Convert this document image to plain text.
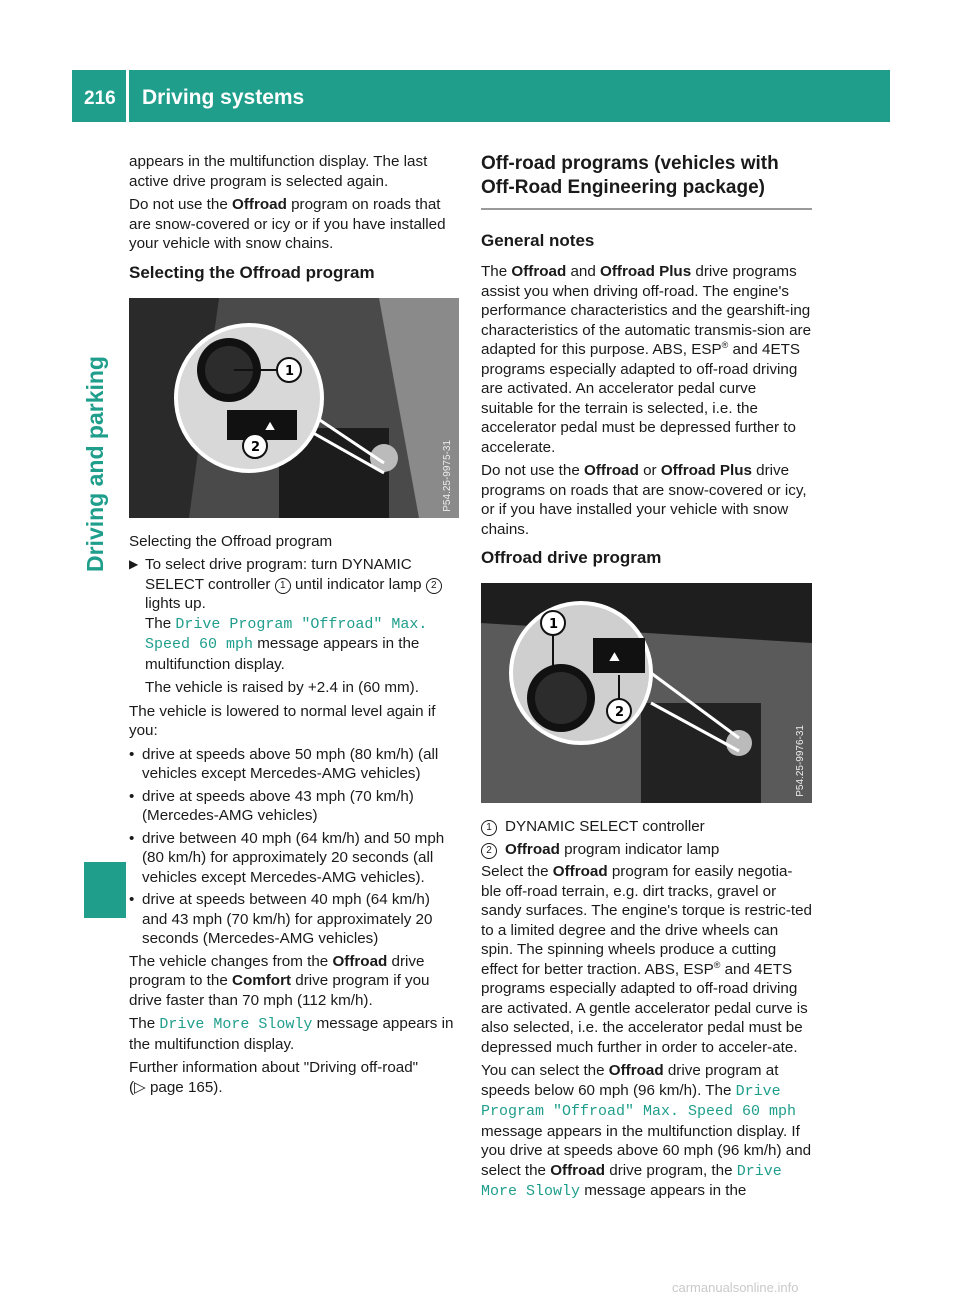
216 Driving systems
Driving and parking

appears in the multifunction display. The last active drive program is selected again.

Do not use the Offroad program on roads that are snow-covered or icy or if you have installed your vehicle with snow chains.

Selecting the Offroad program
⛰
1
2	P54.25-9975-31

Selecting the Offroad program

▶ To select drive program: turn DYNAMIC SELECT controller 1 until indicator lamp 2 lights up.
The Drive Program "Offroad" Max. Speed 60 mph message appears in the multifunction display.

The vehicle is raised by +2.4 in (60 mm).

The vehicle is lowered to normal level again if you:

• drive at speeds above 50 mph (80 km/h) (all vehicles except Mercedes-AMG vehicles)
• drive at speeds above 43 mph (70 km/h) (Mercedes-AMG vehicles)
• drive between 40 mph (64 km/h) and 50 mph (80 km/h) for approximately 20 seconds (all vehicles except Mercedes-AMG vehicles).
• drive at speeds between 40 mph (64 km/h) and 43 mph (70 km/h) for approximately 20 seconds (Mercedes-AMG vehicles)

The vehicle changes from the Offroad drive program to the Comfort drive program if you drive faster than 70 mph (112 km/h).

The Drive More Slowly message appears in the multifunction display.

Further information about "Driving off-road"
(▷ page 165).

Off-road programs (vehicles with Off-Road Engineering package)
General notes

The Offroad and Offroad Plus drive programs assist you when driving off-road. The engine's performance characteristics and the gearshift-ing characteristics of the automatic transmis-sion are adapted for this purpose. ABS, ESP® and 4ETS programs especially adapted to off-road driving are activated. An accelerator pedal curve suitable for the terrain is selected, i.e. the accelerator pedal must be depressed further to accelerate.

Do not use the Offroad or Offroad Plus drive programs on roads that are snow-covered or icy, or if you have installed your vehicle with snow chains.

Offroad drive program
⛰
1
2
P54.25-9976-31
1 DYNAMIC SELECT controller
2 Offroad program indicator lamp

Select the Offroad program for easily negotia-ble off-road terrain, e.g. dirt tracks, gravel or sandy surfaces. The engine's torque is restric-ted to a limited degree and the drive wheels can spin. The spinning wheels produce a cutting effect for better traction. ABS, ESP® and 4ETS programs especially adapted to off-road driving are activated. A gentle accelerator pedal curve is also selected, i.e. the accelerator pedal must be depressed much further in order to acceler-ate.

You can select the Offroad drive program at speeds below 60 mph (96 km/h). The Drive Program "Offroad" Max. Speed 60 mph message appears in the multifunction display. If you drive at speeds above 60 mph (96 km/h) and select the Offroad drive program, the Drive More Slowly message appears in the

carmanualsonline.info
